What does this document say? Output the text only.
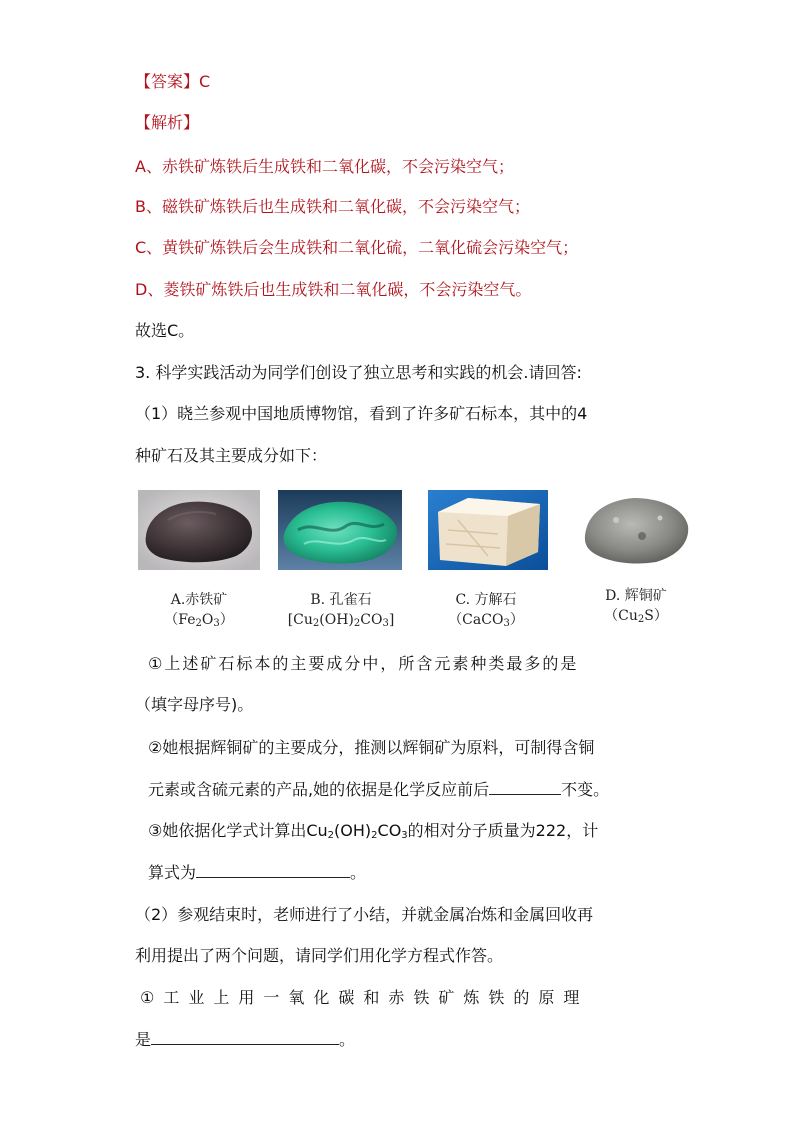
【答案】C
【解析】
A、赤铁矿炼铁后生成铁和二氧化碳，不会污染空气；
B、磁铁矿炼铁后也生成铁和二氧化碳，不会污染空气；
C、黄铁矿炼铁后会生成铁和二氧化硫，二氧化硫会污染空气；
D、菱铁矿炼铁后也生成铁和二氧化碳，不会污染空气。
故选C。
3. 科学实践活动为同学们创设了独立思考和实践的机会.请回答:
（1）晓兰参观中国地质博物馆，看到了许多矿石标本，其中的4
种矿石及其主要成分如下：
A.赤铁矿
$(Fe_2O_3)$
B. 孔雀石
$[Cu_2(OH)_2CO_3]$
C. 方解石
（CaCO$_3$）
D. 辉铜矿
$(Cu_2S)$
①上述矿石标本的主要成分中，所含元素种类最多的是
（填字母序号)。
②她根据辉铜矿的主要成分，推测以辉铜矿为原料，可制得含铜
元素或含硫元素的产品,她的依据是化学反应前后	不变。
③她依据化学式计算出$Cu_2(OH)_2CO_3$的相对分子质量为222，计
算式为	。
（2）参观结束时，老师进行了小结，并就金属冶炼和金属回收再
利用提出了两个问题，请同学们用化学方程式作答。
①工业上用一氧化碳和赤铁矿炼铁的原理
是	。
